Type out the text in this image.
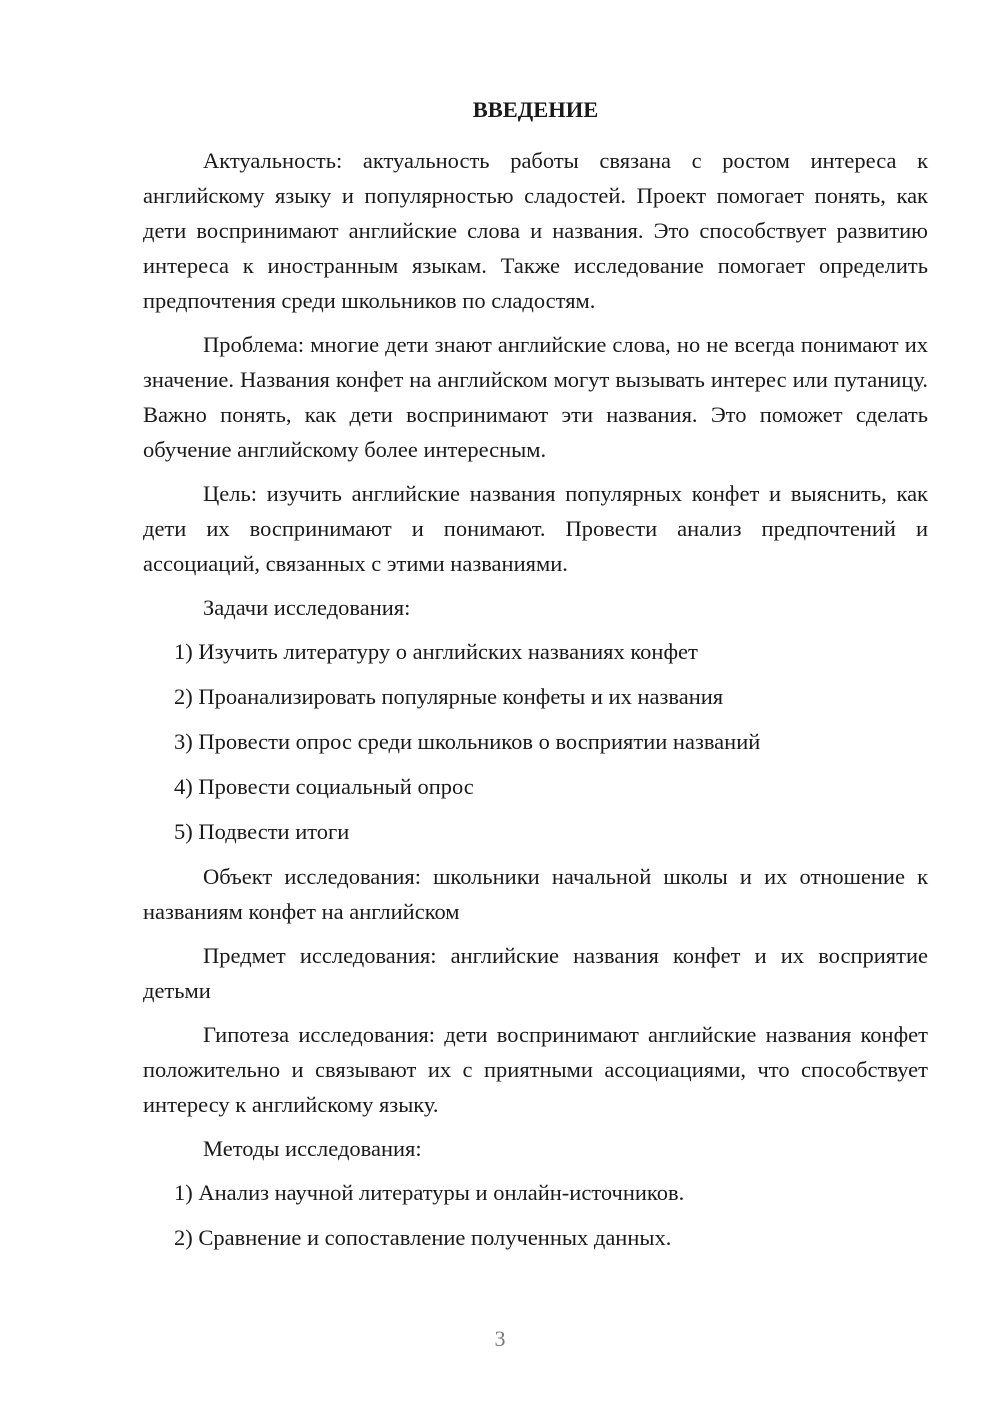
ВВЕДЕНИЕ

Актуальность: актуальность работы связана с ростом интереса к английскому языку и популярностью сладостей. Проект помогает понять, как дети воспринимают английские слова и названия. Это способствует развитию интереса к иностранным языкам. Также исследование помогает определить предпочтения среди школьников по сладостям.

Проблема: многие дети знают английские слова, но не всегда понимают их значение. Названия конфет на английском могут вызывать интерес или путаницу. Важно понять, как дети воспринимают эти названия. Это поможет сделать обучение английскому более интересным.

Цель: изучить английские названия популярных конфет и выяснить, как дети их воспринимают и понимают. Провести анализ предпочтений и ассоциаций, связанных с этими названиями.

Задачи исследования:

1) Изучить литературу о английских названиях конфет
2) Проанализировать популярные конфеты и их названия
3) Провести опрос среди школьников о восприятии названий
4) Провести социальный опрос
5) Подвести итоги

Объект исследования: школьники начальной школы и их отношение к названиям конфет на английском

Предмет исследования: английские названия конфет и их восприятие детьми

Гипотеза исследования: дети воспринимают английские названия конфет положительно и связывают их с приятными ассоциациями, что способствует интересу к английскому языку.

Методы исследования:

1) Анализ научной литературы и онлайн-источников.
2) Сравнение и сопоставление полученных данных.
3
